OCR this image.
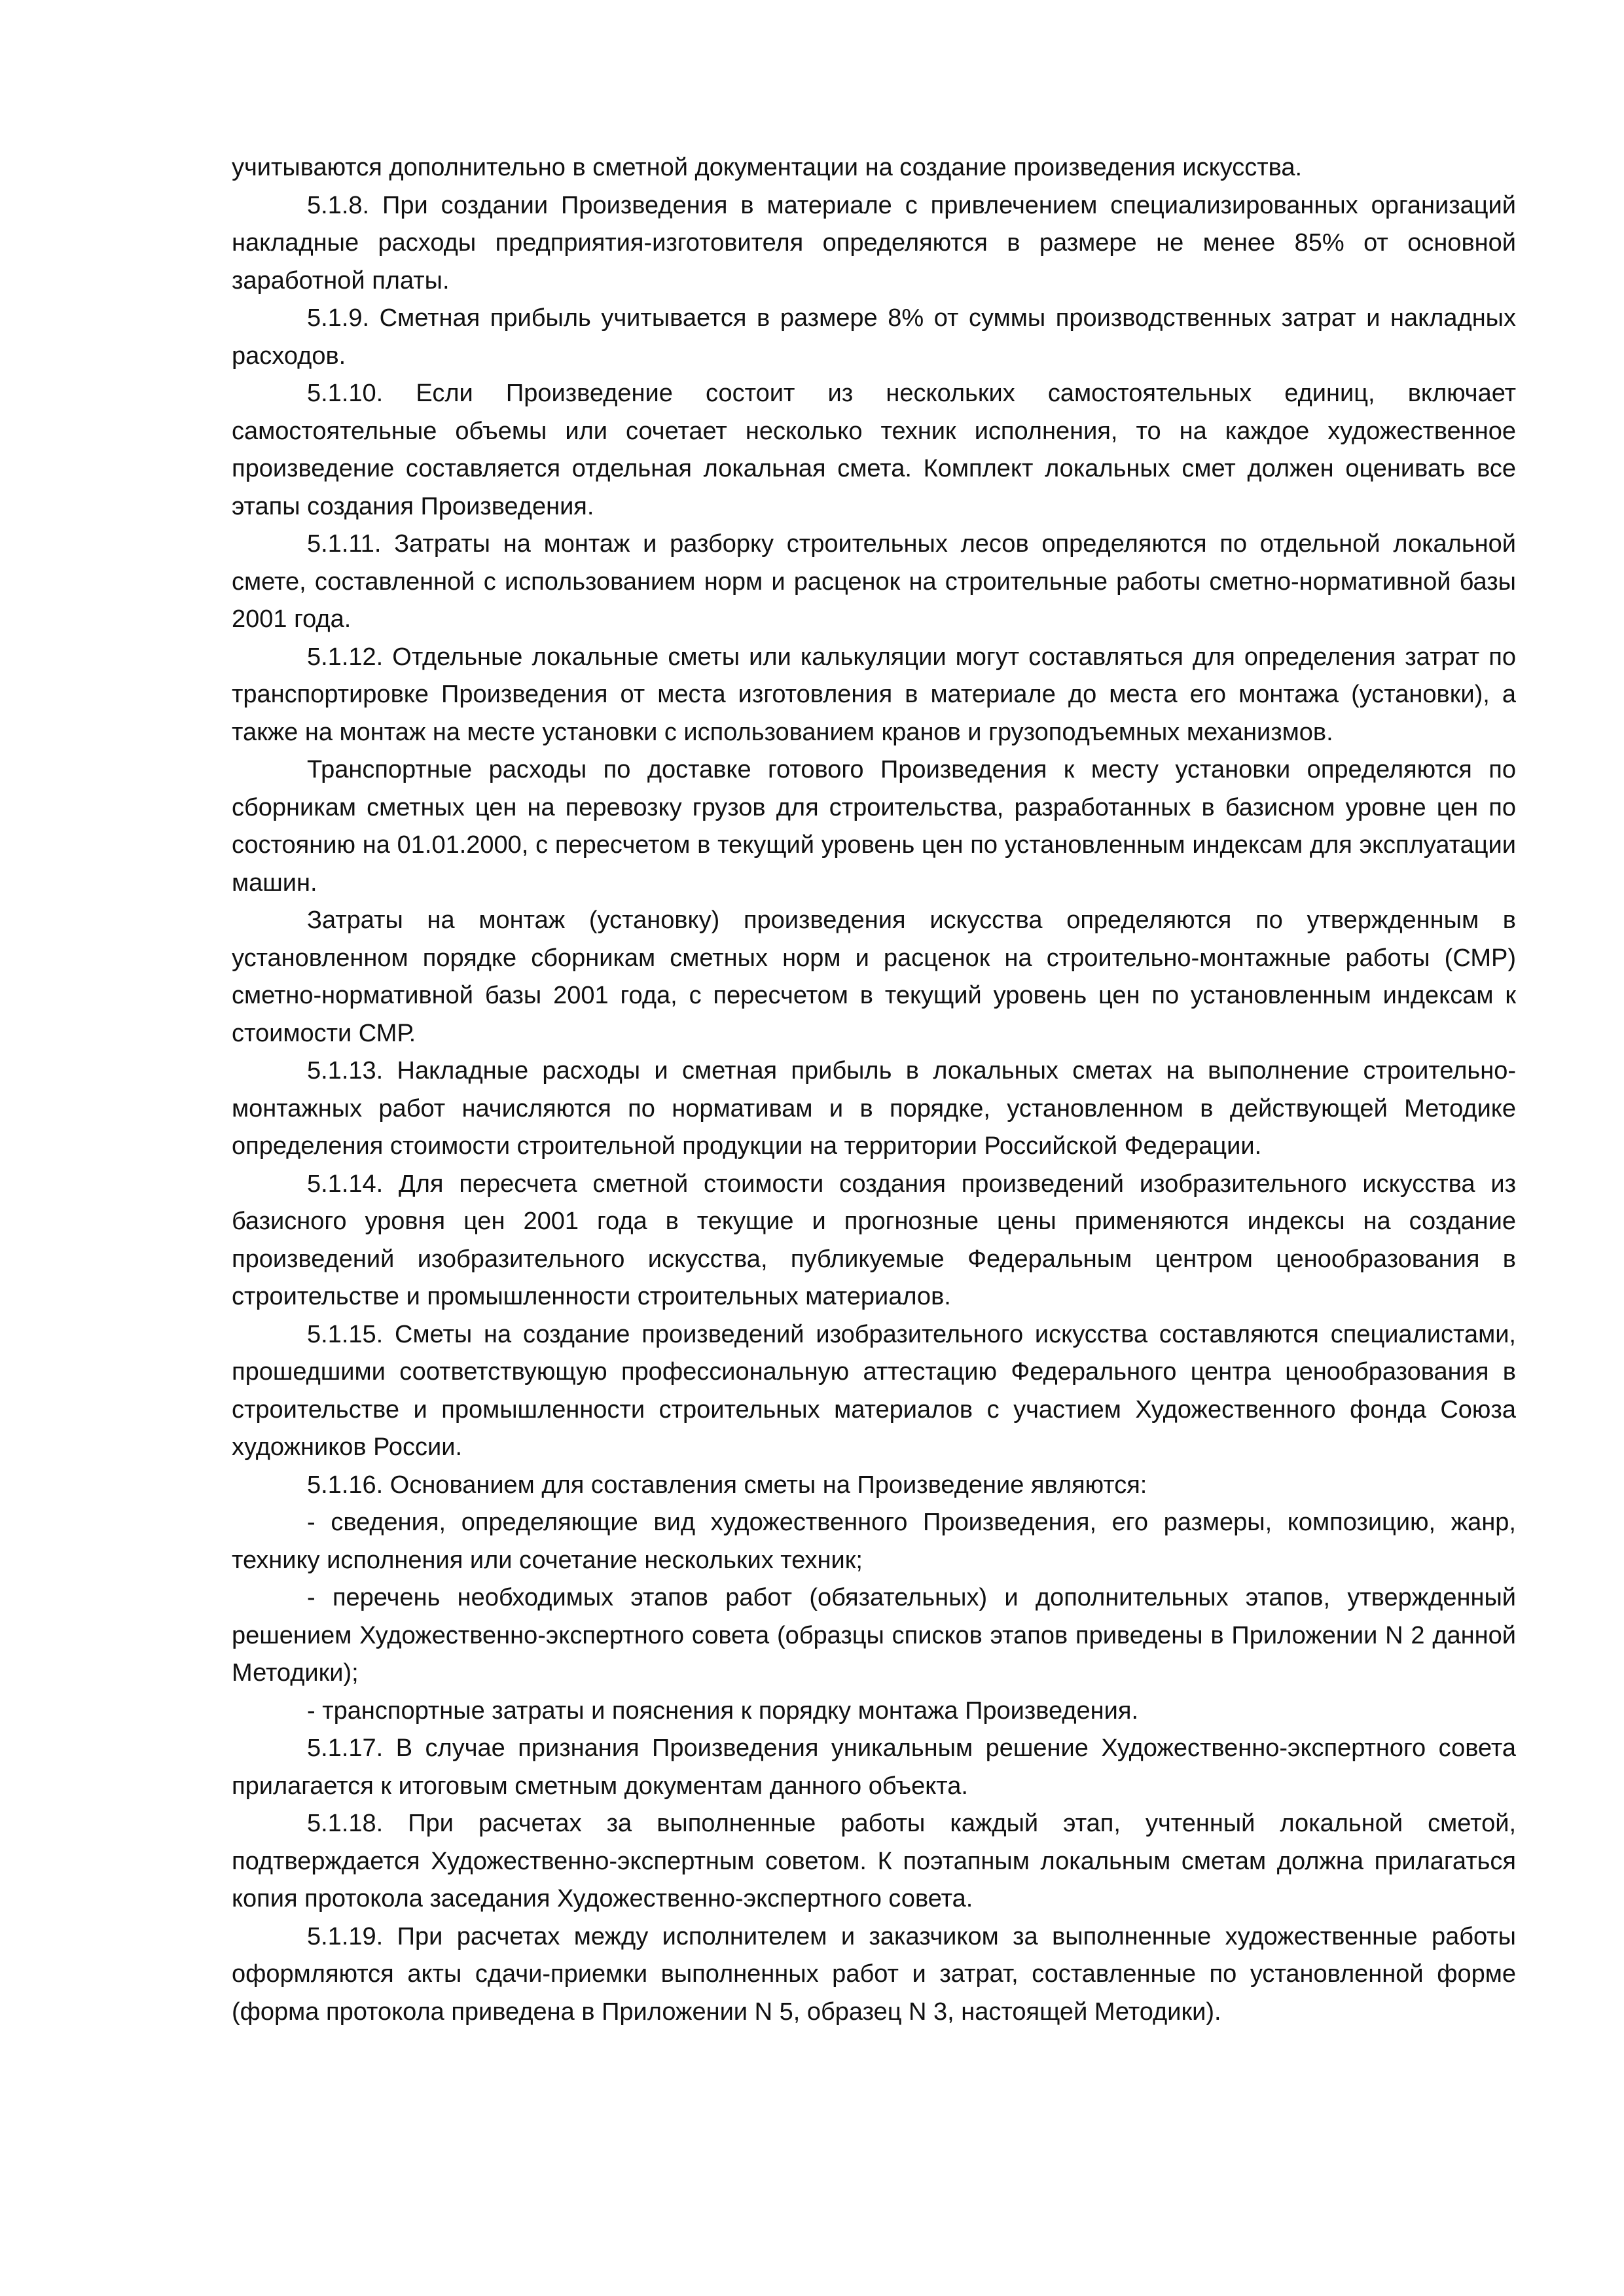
учитываются дополнительно в сметной документации на создание произведения искусства.

5.1.8. При создании Произведения в материале с привлечением специализированных организаций накладные расходы предприятия-изготовителя определяются в размере не менее 85% от основной заработной платы.

5.1.9. Сметная прибыль учитывается в размере 8% от суммы производственных затрат и накладных расходов.

5.1.10. Если Произведение состоит из нескольких самостоятельных единиц, включает самостоятельные объемы или сочетает несколько техник исполнения, то на каждое художественное произведение составляется отдельная локальная смета. Комплект локальных смет должен оценивать все этапы создания Произведения.

5.1.11. Затраты на монтаж и разборку строительных лесов определяются по отдельной локальной смете, составленной с использованием норм и расценок на строительные работы сметно-нормативной базы 2001 года.

5.1.12. Отдельные локальные сметы или калькуляции могут составляться для определения затрат по транспортировке Произведения от места изготовления в материале до места его монтажа (установки), а также на монтаж на месте установки с использованием кранов и грузоподъемных механизмов.

Транспортные расходы по доставке готового Произведения к месту установки определяются по сборникам сметных цен на перевозку грузов для строительства, разработанных в базисном уровне цен по состоянию на 01.01.2000, с пересчетом в текущий уровень цен по установленным индексам для эксплуатации машин.

Затраты на монтаж (установку) произведения искусства определяются по утвержденным в установленном порядке сборникам сметных норм и расценок на строительно-монтажные работы (СМР) сметно-нормативной базы 2001 года, с пересчетом в текущий уровень цен по установленным индексам к стоимости СМР.

5.1.13. Накладные расходы и сметная прибыль в локальных сметах на выполнение строительно-монтажных работ начисляются по нормативам и в порядке, установленном в действующей Методике определения стоимости строительной продукции на территории Российской Федерации.

5.1.14. Для пересчета сметной стоимости создания произведений изобразительного искусства из базисного уровня цен 2001 года в текущие и прогнозные цены применяются индексы на создание произведений изобразительного искусства, публикуемые Федеральным центром ценообразования в строительстве и промышленности строительных материалов.

5.1.15. Сметы на создание произведений изобразительного искусства составляются специалистами, прошедшими соответствующую профессиональную аттестацию Федерального центра ценообразования в строительстве и промышленности строительных материалов с участием Художественного фонда Союза художников России.

5.1.16. Основанием для составления сметы на Произведение являются:

- сведения, определяющие вид художественного Произведения, его размеры, композицию, жанр, технику исполнения или сочетание нескольких техник;

- перечень необходимых этапов работ (обязательных) и дополнительных этапов, утвержденный решением Художественно-экспертного совета (образцы списков этапов приведены в Приложении N 2 данной Методики);

- транспортные затраты и пояснения к порядку монтажа Произведения.

5.1.17. В случае признания Произведения уникальным решение Художественно-экспертного совета прилагается к итоговым сметным документам данного объекта.

5.1.18. При расчетах за выполненные работы каждый этап, учтенный локальной сметой, подтверждается Художественно-экспертным советом. К поэтапным локальным сметам должна прилагаться копия протокола заседания Художественно-экспертного совета.

5.1.19. При расчетах между исполнителем и заказчиком за выполненные художественные работы оформляются акты сдачи-приемки выполненных работ и затрат, составленные по установленной форме (форма протокола приведена в Приложении N 5, образец N 3, настоящей Методики).
